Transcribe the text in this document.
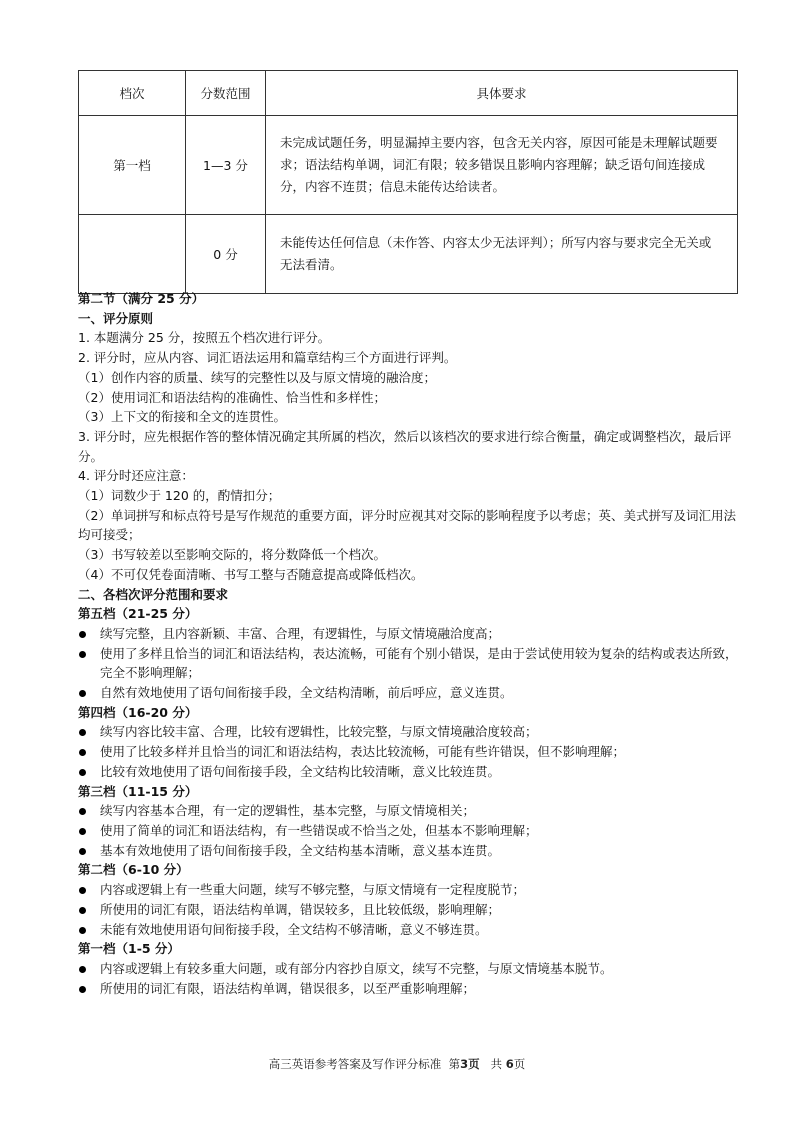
档次	分数范围	具体要求
第一档	1—3 分	未完成试题任务，明显漏掉主要内容，包含无关内容，原因可能是未理解试题要求；语法结构单调，词汇有限；较多错误且影响内容理解；缺乏语句间连接成分，内容不连贯；信息未能传达给读者。
	0 分	未能传达任何信息（未作答、内容太少无法评判）；所写内容与要求完全无关或无法看清。
第二节（满分 25 分）
一、评分原则
1. 本题满分 25 分，按照五个档次进行评分。
2. 评分时，应从内容、词汇语法运用和篇章结构三个方面进行评判。
（1）创作内容的质量、续写的完整性以及与原文情境的融洽度；
（2）使用词汇和语法结构的准确性、恰当性和多样性；
（3）上下文的衔接和全文的连贯性。
3. 评分时，应先根据作答的整体情况确定其所属的档次，然后以该档次的要求进行综合衡量，确定或调整档次，最后评分。
4. 评分时还应注意：
（1）词数少于 120 的，酌情扣分；
（2）单词拼写和标点符号是写作规范的重要方面，评分时应视其对交际的影响程度予以考虑；英、美式拼写及词汇用法均可接受；
（3）书写较差以至影响交际的，将分数降低一个档次。
（4）不可仅凭卷面清晰、书写工整与否随意提高或降低档次。
二、各档次评分范围和要求
第五档（21-25 分）
续写完整，且内容新颖、丰富、合理，有逻辑性，与原文情境融洽度高；
使用了多样且恰当的词汇和语法结构，表达流畅，可能有个别小错误，是由于尝试使用较为复杂的结构或表达所致，完全不影响理解；
自然有效地使用了语句间衔接手段，全文结构清晰，前后呼应，意义连贯。
第四档（16-20 分）
续写内容比较丰富、合理，比较有逻辑性，比较完整，与原文情境融洽度较高；
使用了比较多样并且恰当的词汇和语法结构，表达比较流畅，可能有些许错误，但不影响理解；
比较有效地使用了语句间衔接手段，全文结构比较清晰，意义比较连贯。
第三档（11-15 分）
续写内容基本合理，有一定的逻辑性，基本完整，与原文情境相关；
使用了简单的词汇和语法结构，有一些错误或不恰当之处，但基本不影响理解；
基本有效地使用了语句间衔接手段，全文结构基本清晰，意义基本连贯。
第二档（6-10 分）
内容或逻辑上有一些重大问题，续写不够完整，与原文情境有一定程度脱节；
所使用的词汇有限，语法结构单调，错误较多，且比较低级，影响理解；
未能有效地使用语句间衔接手段，全文结构不够清晰，意义不够连贯。
第一档（1-5 分）
内容或逻辑上有较多重大问题，或有部分内容抄自原文，续写不完整，与原文情境基本脱节。
所使用的词汇有限，语法结构单调，错误很多，以至严重影响理解；
高三英语参考答案及写作评分标准 第3页 共 6页
